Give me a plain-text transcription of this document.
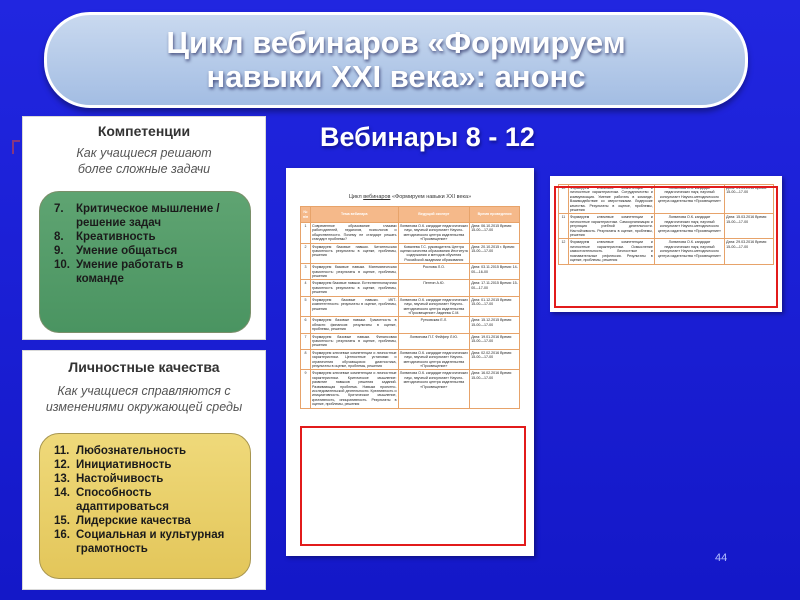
Цикл вебинаров «Формируем
навыки XXI века»: анонс
Вебинары 8 - 12
Компетенции
Как учащиеся решают
более сложные задачи
7.	Критическое мышление /
решение задач
8.	Креативность
9.	Умение общаться
10. Умение работать в
команде
Личностные качества
Как учащиеся справляются с
изменениями окружающей среды
11. Любознательность
12. Инициативность
13. Настойчивость
14. Способность
адаптироваться
15. Лидерские качества
16. Социальная и культурная
грамотность
Цикл вебинаров «Формируем навыки XXI века»
№ п/п	Тема вебинара	Ведущий эксперт	Время проведения
1	Современное образование глазами работодателей, педагогов, психологов и общественности. Почему не стандарт решать стандарт проблемы?	Логвинова О.К. кандидат педагогических наук, научный консультант Научно-методического центра издательства «Просвещение»	Дата: 06.10.2015 Время: 15-00—17-00
2	Формируем базовые навыки. Читательская грамотность результаты в оценке, проблемы, решения	Ковалева Г.С. руководитель Центра оценки качества образования Института содержания и методов обучения Российской академии образования	Дата: 20.10.2015 г. Время: 15-00—17-00
3	Формируем базовые навыки. Математическая грамотность: результаты в оценке, проблемы, решения	Рослова Л.О.	Дата: 03.11.2015 Время: 14-00—16-00
4	Формируем базовые навыки. Естественнонаучная грамотность результаты в оценке, проблемы, решения	Пентин А.Ю.	Дата: 17.11.2015 Время: 15-00—17-00
5	Формируем базовые навыки. ИКТ-компетентность: результаты в оценке, проблемы, решения	Логвинова О.К. кандидат педагогических наук, научный консультант Научно-методического центра издательства «Просвещение» Авдеева С.М.	Дата: 01.12.2015 Время: 15-00—17-00
6	Формируем базовые навыки. Грамотность в области финансов: результаты в оценке, проблемы, решения	Рутковская Е.Л.	Дата: 15.12.2015 Время: 15-00—17-00
7	Формируем базовые навыки. Финансовая грамотность: результаты в оценке, проблемы, решения	Логвинова П.Г. Фейфер Л.Ю.	Дата: 19.01.2016 Время: 15-00—17-00
8	Формируем ключевые компетенции и личностные характеристики. Ценностные установки и ограничения обучающихся: диагностика, результаты в оценке, проблемы, решения	Логвинова О.К. кандидат педагогических наук, научный консультант Научно-методического центра издательства «Просвещение»	Дата: 02.02.2016 Время: 15-00—17-00
9	Формируем ключевые компетенции и личностные характеристики. Критическое мышление: развитие навыков решения заданий. Развивающая проблема. Навыки проектно-исследовательской деятельности. Креативность и инициативность. Критическое мышление, креативность, инициативность. Результаты в оценке, проблемы, решения	Логвинова О.К. кандидат педагогических наук, научный консультант Научно-методического центра издательства «Просвещение»	Дата: 16.02.2016 Время: 15-00—17-00
10	Формируем ключевые компетенции и личностные характеристики. Сотрудничество и коммуникация. Умение работать в команде. Взаимодействие со сверстниками. Лидерские качества. Результаты в оценке, проблемы, решения	Логвинова О.К. кандидат педагогических наук, научный консультант Научно-методического центра издательства «Просвещение»	Дата: 01.03.2016 Время: 15-00—17-00
11	Формируем ключевые компетенции и личностные характеристики. Самоорганизация и регуляция учебной деятельности. Настойчивость. Результаты в оценке, проблемы, решения	Логвинова О.К. кандидат педагогических наук, научный консультант Научно-методического центра издательства «Просвещение»	Дата: 15.03.2016 Время: 15-00—17-00
12	Формируем ключевые компетенции и личностные характеристики. Осмысление самостоятельность. Личностные и познавательные рефлексия. Результаты в оценке, проблемы, решения	Логвинова О.К. кандидат педагогических наук, научный консультант Научно-методического центра издательства «Просвещение»	Дата: 29.03.2016 Время: 15-00—17-00
44
